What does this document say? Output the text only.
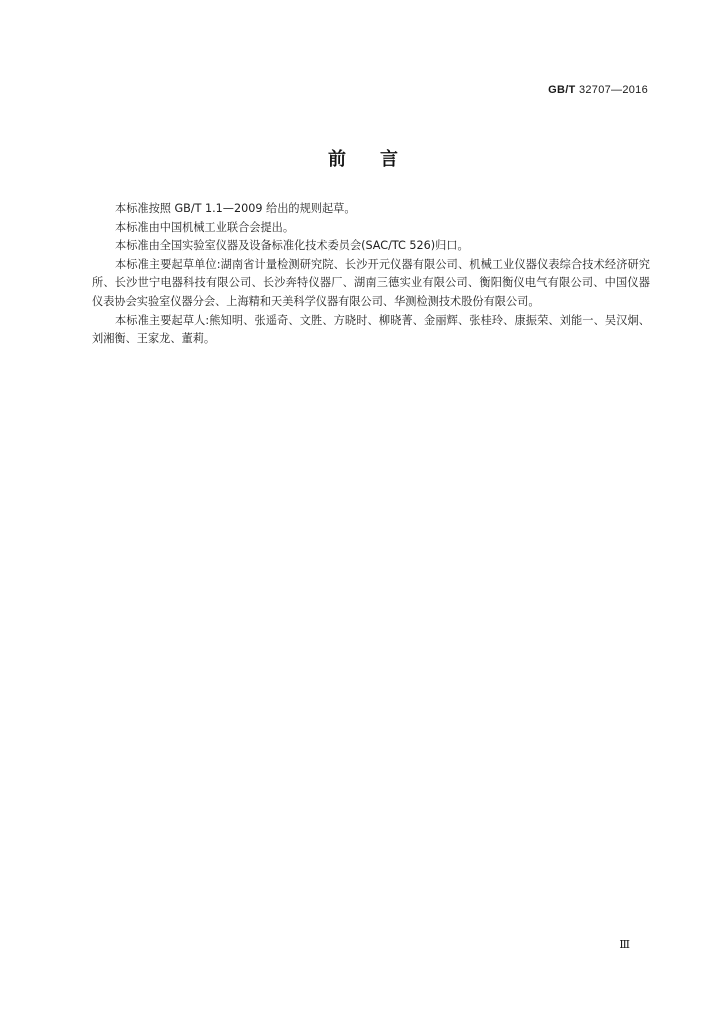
GB/T 32707—2016
前言

本标准按照 GB/T 1.1—2009 给出的规则起草。

本标准由中国机械工业联合会提出。

本标准由全国实验室仪器及设备标准化技术委员会(SAC/TC 526)归口。

本标准主要起草单位:湖南省计量检测研究院、长沙开元仪器有限公司、机械工业仪器仪表综合技术经济研究所、长沙世宁电器科技有限公司、长沙奔特仪器厂、湖南三德实业有限公司、衡阳衡仪电气有限公司、中国仪器仪表协会实验室仪器分会、上海精和天美科学仪器有限公司、华测检测技术股份有限公司。

本标准主要起草人:熊知明、张遥奇、文胜、方晓时、柳晓菁、金丽辉、张桂玲、康振荣、刘能一、吴汉炯、刘湘衡、王家龙、董莉。

Ⅲ
